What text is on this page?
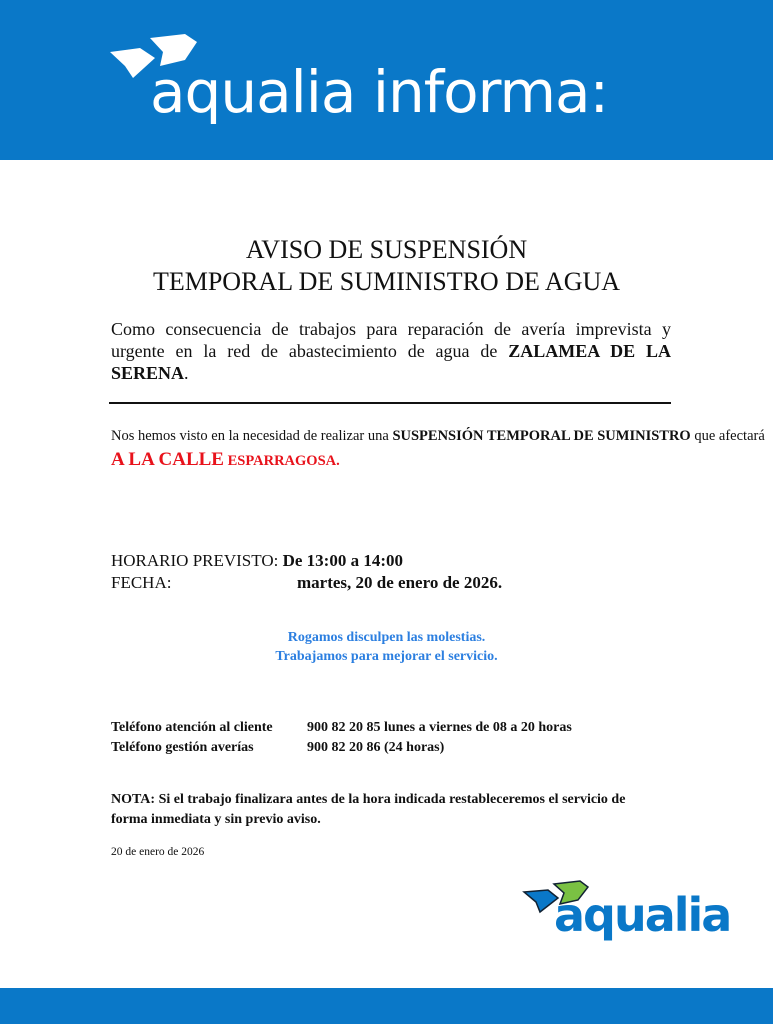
aqualia informa:
AVISO DE SUSPENSIÓN
TEMPORAL DE SUMINISTRO DE AGUA
Como consecuencia de trabajos para reparación de avería imprevista y urgente en la red de abastecimiento de agua de ZALAMEA DE LA SERENA.
Nos hemos visto en la necesidad de realizar una SUSPENSIÓN TEMPORAL DE SUMINISTRO que afectará A LA CALLE ESPARRAGOSA.
HORARIO PREVISTO: De 13:00 a 14:00
FECHA:	martes, 20 de enero de 2026.
Rogamos disculpen las molestias.
Trabajamos para mejorar el servicio.
Teléfono atención al cliente 900 82 20 85 lunes a viernes de 08 a 20 horas
Teléfono gestión averías	900 82 20 86 (24 horas)
NOTA: Si el trabajo finalizara antes de la hora indicada restableceremos el servicio de forma inmediata y sin previo aviso.
20 de enero de 2026
aqualia
